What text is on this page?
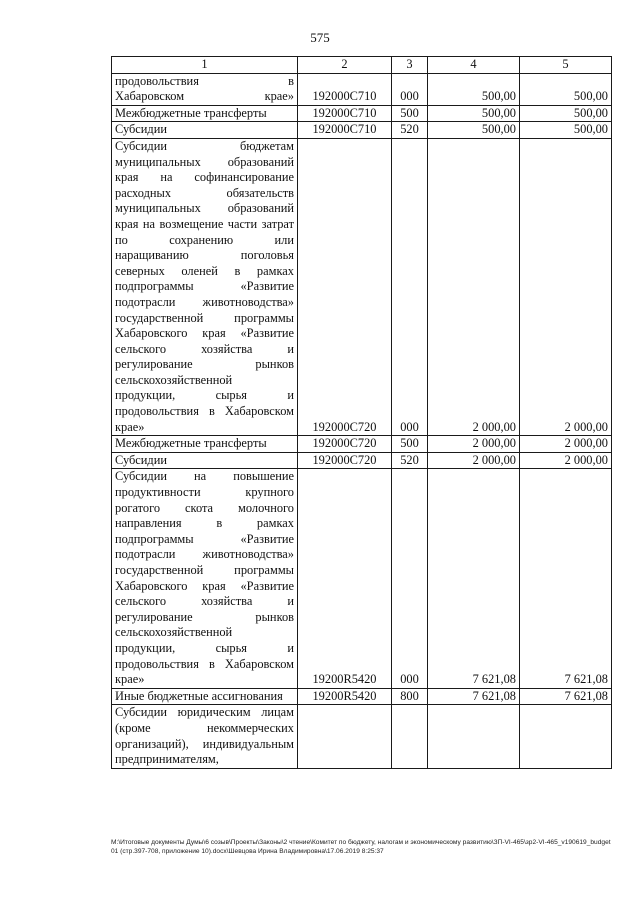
575
1	2	3	4	5

продовольствия в
Хабаровском крае»	192000С710	000	500,00	500,00
Межбюджетные трансферты	192000С710	500	500,00	500,00
Субсидии	192000С710	520	500,00	500,00
Субсидии бюджетам муниципальных образований края на софинансирование расходных обязательств муниципальных образований края на возмещение части затрат по сохранению или наращиванию поголовья северных оленей в рамках подпрограммы «Развитие подотрасли животноводства» государственной программы Хабаровского края «Развитие сельского хозяйства и регулирование рынков сельскохозяйственной продукции, сырья и продовольствия в Хабаровском крае»	192000С720	000	2 000,00	2 000,00
Межбюджетные трансферты	192000С720	500	2 000,00	2 000,00
Субсидии	192000С720	520	2 000,00	2 000,00
Субсидии на повышение продуктивности крупного рогатого скота молочного направления в рамках подпрограммы «Развитие подотрасли животноводства» государственной программы Хабаровского края «Развитие сельского хозяйства и регулирование рынков сельскохозяйственной продукции, сырья и продовольствия в Хабаровском крае»	19200R5420	000	7 621,08	7 621,08
Иные бюджетные ассигнования	19200R5420	800	7 621,08	7 621,08
Субсидии юридическим лицам (кроме некоммерческих организаций), индивидуальным предпринимателям,				
M:\Итоговые документы Думы\6 созыв\Проекты\Законы\2 чтение\Комитет по бюджету, налогам и экономическому развитию\ЗП-VI-465\зр2-VI-465_v190619_budget01 (стр.397-708, приложение 10).docx\Шевцова Ирина Владимировна\17.06.2019 8:25:37
